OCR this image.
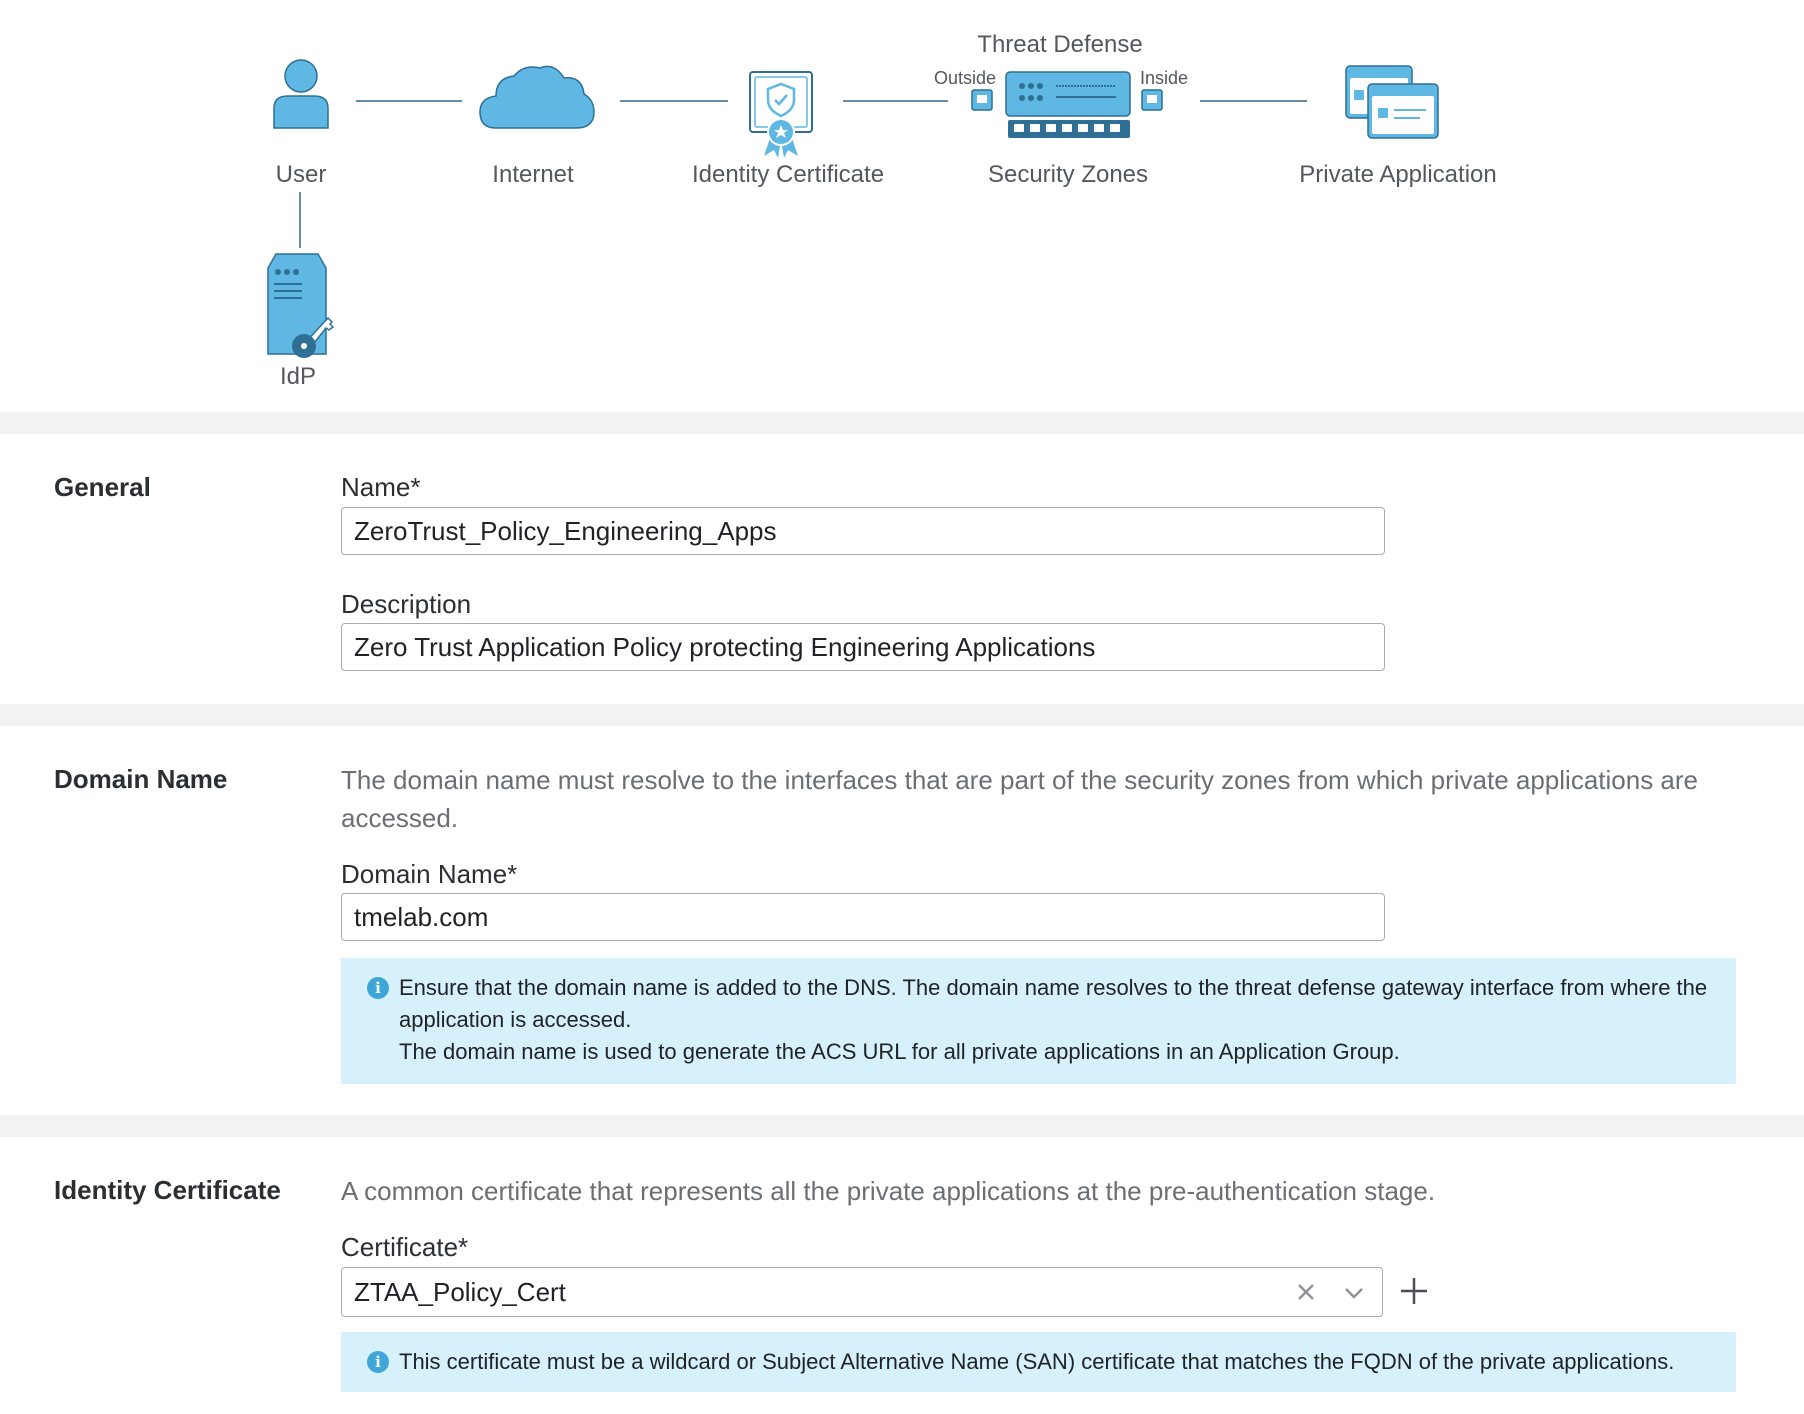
User	Internet	Identity Certificate
Threat Defense
Outside	Inside
Security Zones	Private Application
IdP
General	Name*
ZeroTrust_Policy_Engineering_Apps
Description
Zero Trust Application Policy protecting Engineering Applications
Domain Name	The domain name must resolve to the interfaces that are part of the security zones from which private applications are accessed.
Domain Name*
tmelab.com
i Ensure that the domain name is added to the DNS. The domain name resolves to the threat defense gateway interface from where the application is accessed.
The domain name is used to generate the ACS URL for all private applications in an Application Group.
Identity Certificate A common certificate that represents all the private applications at the pre-authentication stage.
Certificate*
ZTAA_Policy_Cert
i This certificate must be a wildcard or Subject Alternative Name (SAN) certificate that matches the FQDN of the private applications.
